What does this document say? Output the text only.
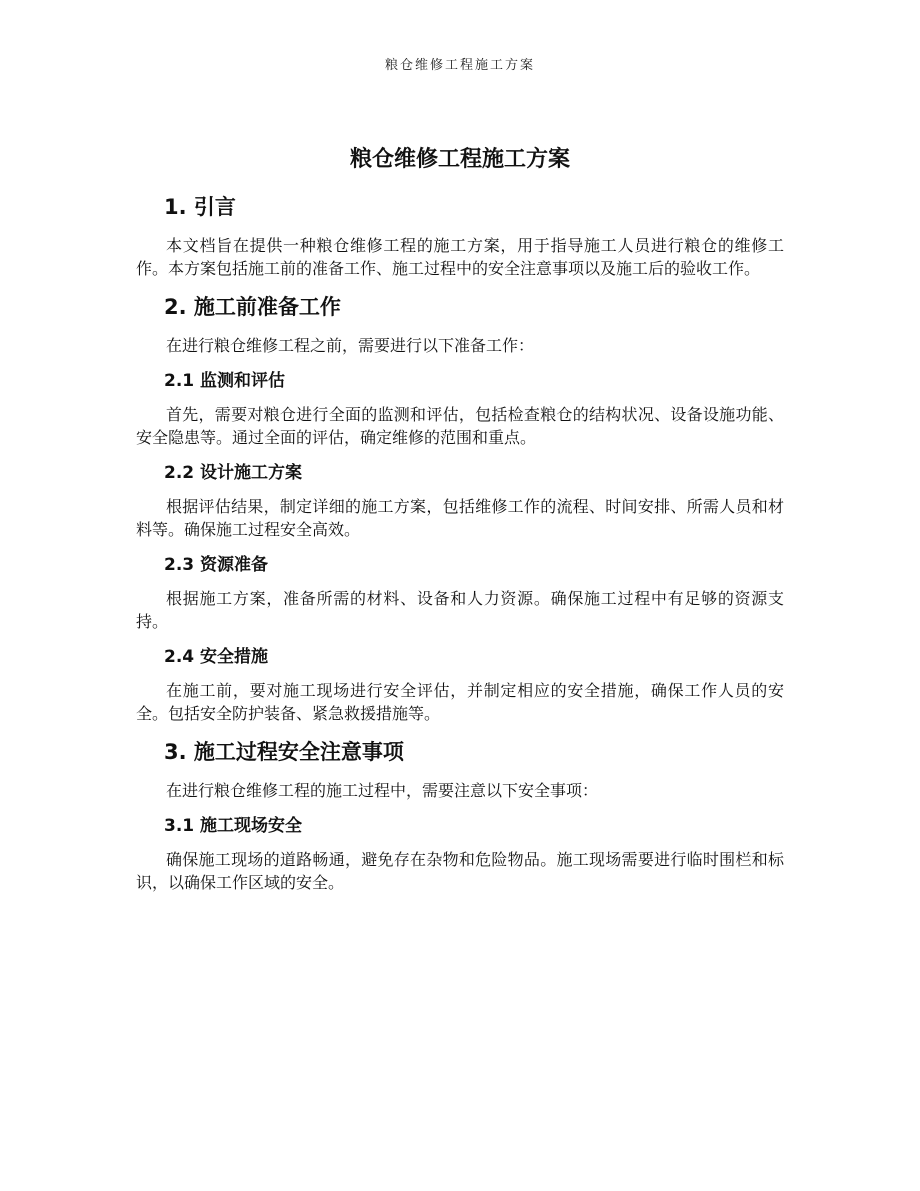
粮仓维修工程施工方案
粮仓维修工程施工方案
1. 引言

本文档旨在提供一种粮仓维修工程的施工方案，用于指导施工人员进行粮仓的维修工作。本方案包括施工前的准备工作、施工过程中的安全注意事项以及施工后的验收工作。

2. 施工前准备工作

在进行粮仓维修工程之前，需要进行以下准备工作：

2.1 监测和评估

首先，需要对粮仓进行全面的监测和评估，包括检查粮仓的结构状况、设备设施功能、安全隐患等。通过全面的评估，确定维修的范围和重点。

2.2 设计施工方案

根据评估结果，制定详细的施工方案，包括维修工作的流程、时间安排、所需人员和材料等。确保施工过程安全高效。

2.3 资源准备

根据施工方案，准备所需的材料、设备和人力资源。确保施工过程中有足够的资源支持。

2.4 安全措施

在施工前，要对施工现场进行安全评估，并制定相应的安全措施，确保工作人员的安全。包括安全防护装备、紧急救援措施等。

3. 施工过程安全注意事项

在进行粮仓维修工程的施工过程中，需要注意以下安全事项：

3.1 施工现场安全

确保施工现场的道路畅通，避免存在杂物和危险物品。施工现场需要进行临时围栏和标识，以确保工作区域的安全。
